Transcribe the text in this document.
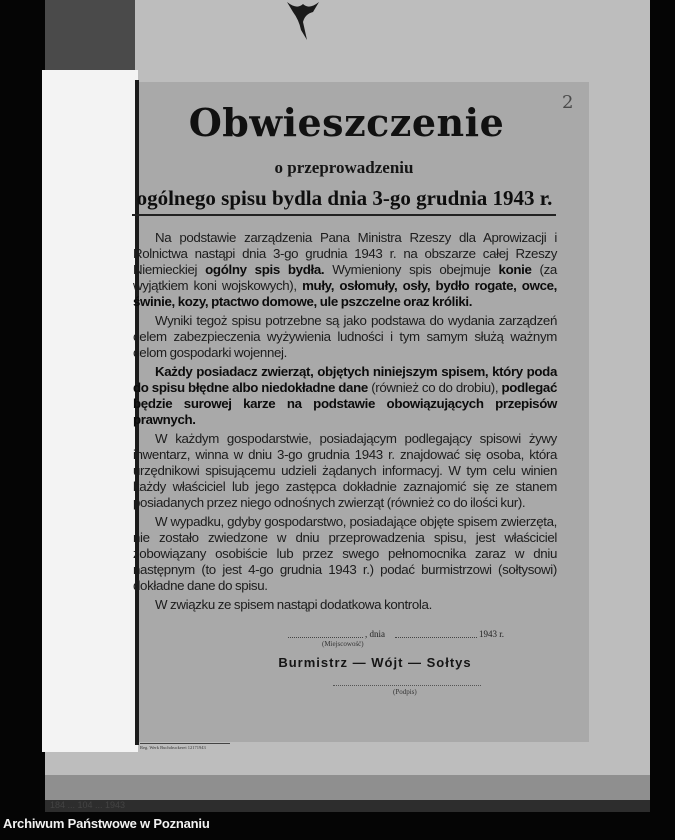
2
Obwieszczenie
o przeprowadzeniu
ogólnego spisu bydla dnia 3-go grudnia 1943 r.

Na podstawie zarządzenia Pana Ministra Rzeszy dla Aprowizacji i Rolnictwa nastąpi dnia 3-go grudnia 1943 r. na obszarze całej Rzeszy Niemieckiej ogólny spis bydła. Wymieniony spis obejmuje konie (za wyjątkiem koni wojskowych), muły, osłomuły, osły, bydło rogate, owce, świnie, kozy, ptactwo domowe, ule pszczelne oraz króliki.

Wyniki tegoż spisu potrzebne są jako podstawa do wydania zarządzeń celem zabezpieczenia wyżywienia ludności i tym samym służą ważnym celom gospodarki wojennej.

Każdy posiadacz zwierząt, objętych niniejszym spisem, który poda do spisu błędne albo niedokładne dane (również co do drobiu), podlegać będzie surowej karze na podstawie obowiązujących przepisów prawnych.

W każdym gospodarstwie, posiadającym podlegający spisowi żywy inwentarz, winna w dniu 3-go grudnia 1943 r. znajdować się osoba, która urzędnikowi spisującemu udzieli żądanych informacyj. W tym celu winien każdy właściciel lub jego zastępca dokładnie zaznajomić się ze stanem posiadanych przez niego odnośnych zwierząt (również co do ilości kur).

W wypadku, gdyby gospodarstwo, posiadające objęte spisem zwierzęta, nie zostało zwiedzone w dniu przeprowadzenia spisu, jest właściciel zobowiązany osobiście lub przez swego pełnomocnika zaraz w dniu następnym (to jest 4-go grudnia 1943 r.) podać burmistrzowi (sołtysowi) dokładne dane do spisu.

W związku ze spisem nastąpi dodatkowa kontrola.

, dnia	1943 r.
(Miejscowość)
Burmistrz — Wójt — Sołtys
(Podpis)
Reg. Werk Buchdruckerei 12171943
184 ... 104 ... 1943
Archiwum Państwowe w Poznaniu
